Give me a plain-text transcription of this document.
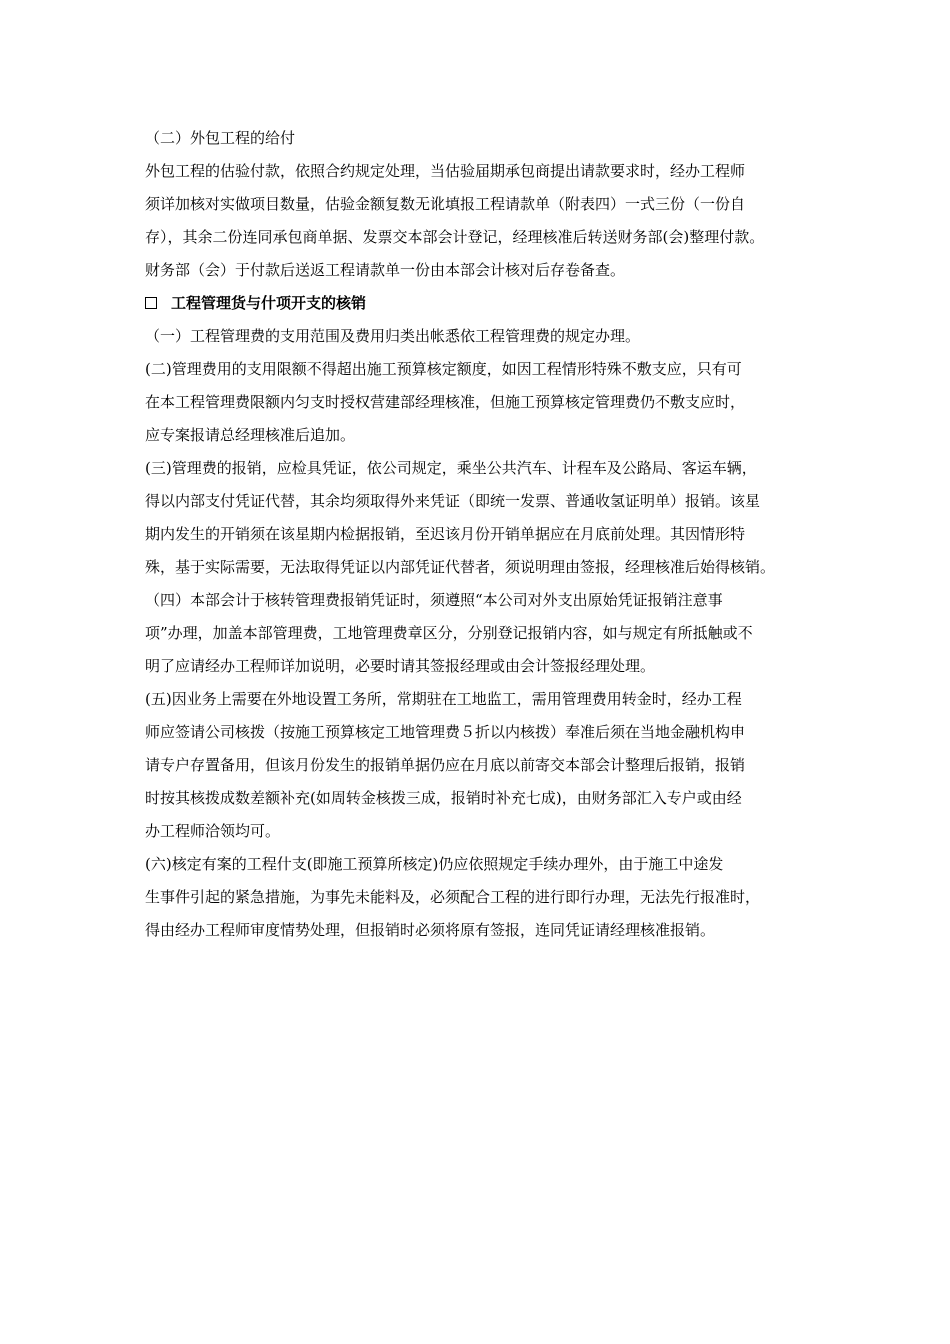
（二）外包工程的给付
外包工程的估验付款，依照合约规定处理，当估验届期承包商提出请款要求时，经办工程师
须详加核对实做项目数量，估验金额复数无讹填报工程请款单（附表四）一式三份（一份自
存），其余二份连同承包商单据、发票交本部会计登记，经理核准后转送财务部(会)整理付款。
财务部（会）于付款后送返工程请款单一份由本部会计核对后存卷备查。
工程管理货与什项开支的核销
（一）工程管理费的支用范围及费用归类出帐悉依工程管理费的规定办理。
(二)管理费用的支用限额不得超出施工预算核定额度，如因工程情形特殊不敷支应，只有可
在本工程管理费限额内匀支时授权营建部经理核准，但施工预算核定管理费仍不敷支应时，
应专案报请总经理核准后追加。
(三)管理费的报销，应检具凭证，依公司规定，乘坐公共汽车、计程车及公路局、客运车辆，
得以内部支付凭证代替，其余均须取得外来凭证（即统一发票、普通收氢证明单）报销。该星
期内发生的开销须在该星期内检据报销，至迟该月份开销单据应在月底前处理。其因情形特
殊，基于实际需要，无法取得凭证以内部凭证代替者，须说明理由签报，经理核准后始得核销。
（四）本部会计于核转管理费报销凭证时，须遵照“本公司对外支出原始凭证报销注意事
项”办理，加盖本部管理费，工地管理费章区分，分别登记报销内容，如与规定有所抵触或不
明了应请经办工程师详加说明，必要时请其签报经理或由会计签报经理处理。
(五)因业务上需要在外地设置工务所，常期驻在工地监工，需用管理费用转金时，经办工程
师应签请公司核拨（按施工预算核定工地管理费５折以内核拨）奉准后须在当地金融机构申
请专户存置备用，但该月份发生的报销单据仍应在月底以前寄交本部会计整理后报销，报销
时按其核拨成数差额补充(如周转金核拨三成，报销时补充七成)，由财务部汇入专户或由经
办工程师洽领均可。
(六)核定有案的工程什支(即施工预算所核定)仍应依照规定手续办理外，由于施工中途发
生事件引起的紧急措施，为事先未能料及，必须配合工程的进行即行办理，无法先行报准时，
得由经办工程师审度情势处理，但报销时必须将原有签报，连同凭证请经理核准报销。
